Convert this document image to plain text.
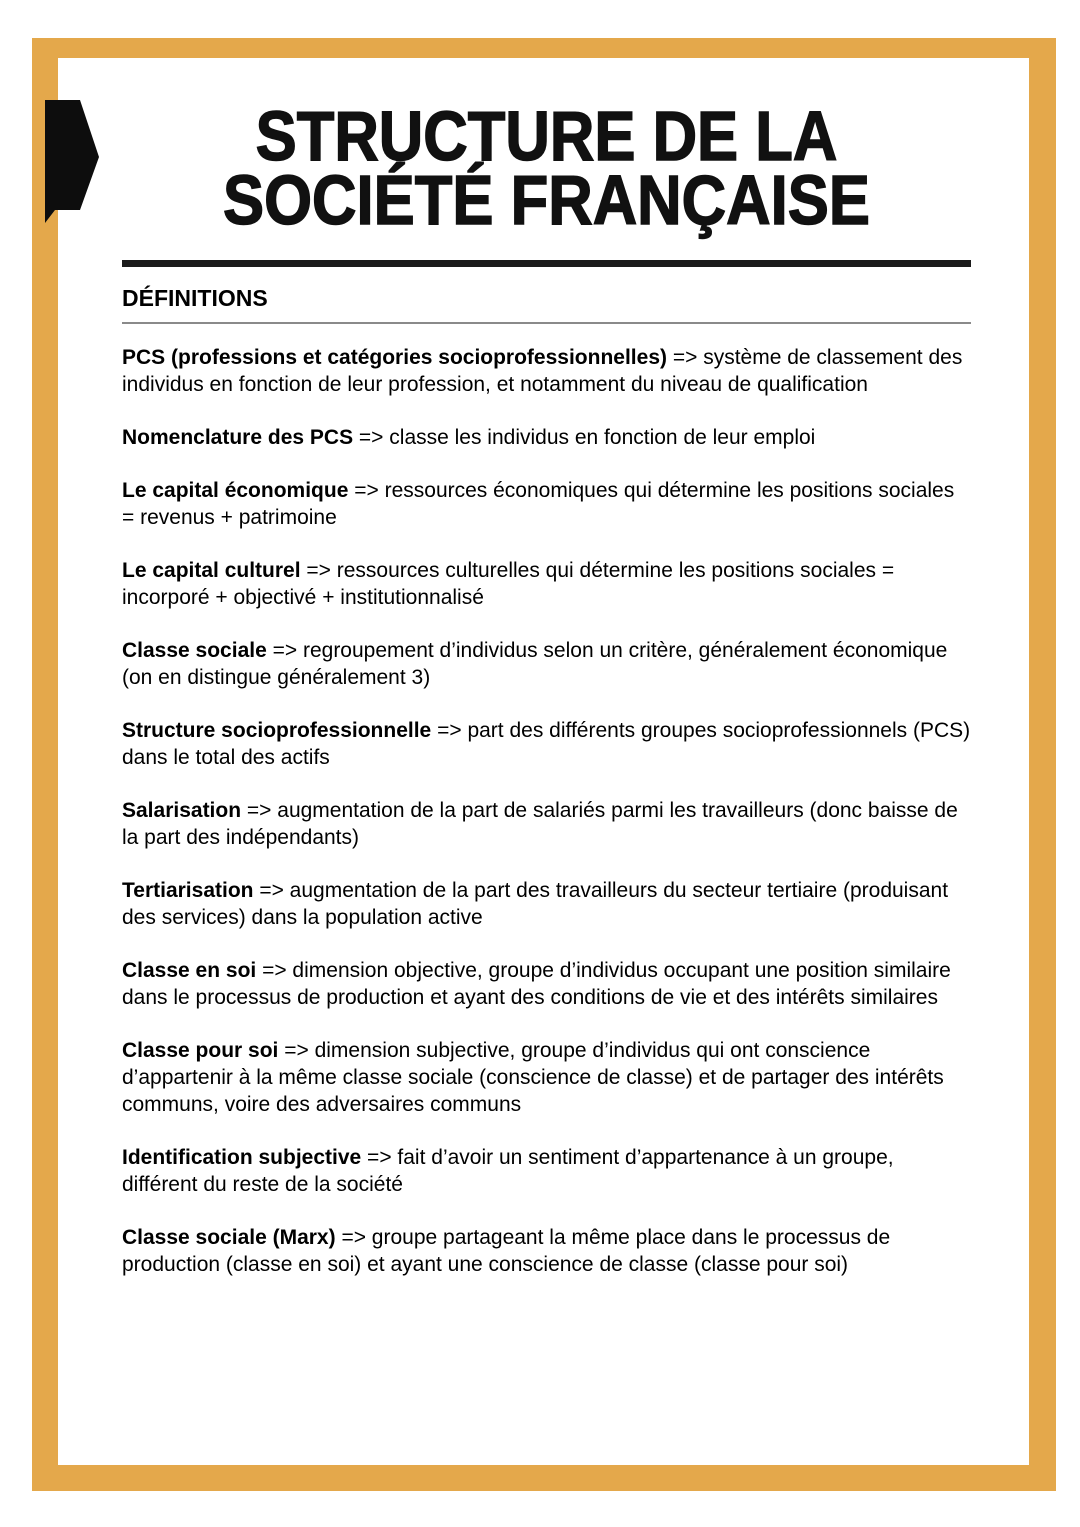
STRUCTURE DE LA
SOCIÉTÉ FRANÇAISE
DÉFINITIONS

PCS (professions et catégories socioprofessionnelles) => système de classement des individus en fonction de leur profession, et notamment du niveau de qualification

Nomenclature des PCS => classe les individus en fonction de leur emploi

Le capital économique => ressources économiques qui détermine les positions sociales = revenus + patrimoine

Le capital culturel => ressources culturelles qui détermine les positions sociales = incorporé + objectivé + institutionnalisé

Classe sociale => regroupement d’individus selon un critère, généralement économique (on en distingue généralement 3)

Structure socioprofessionnelle => part des différents groupes socioprofessionnels (PCS) dans le total des actifs

Salarisation => augmentation de la part de salariés parmi les travailleurs (donc baisse de la part des indépendants)

Tertiarisation => augmentation de la part des travailleurs du secteur tertiaire (produisant des services) dans la population active

Classe en soi => dimension objective, groupe d’individus occupant une position similaire dans le processus de production et ayant des conditions de vie et des intérêts similaires

Classe pour soi => dimension subjective, groupe d’individus qui ont conscience d’appartenir à la même classe sociale (conscience de classe) et de partager des intérêts communs, voire des adversaires communs

Identification subjective => fait d’avoir un sentiment d’appartenance à un groupe, différent du reste de la société

Classe sociale (Marx) => groupe partageant la même place dans le processus de production (classe en soi) et ayant une conscience de classe (classe pour soi)
